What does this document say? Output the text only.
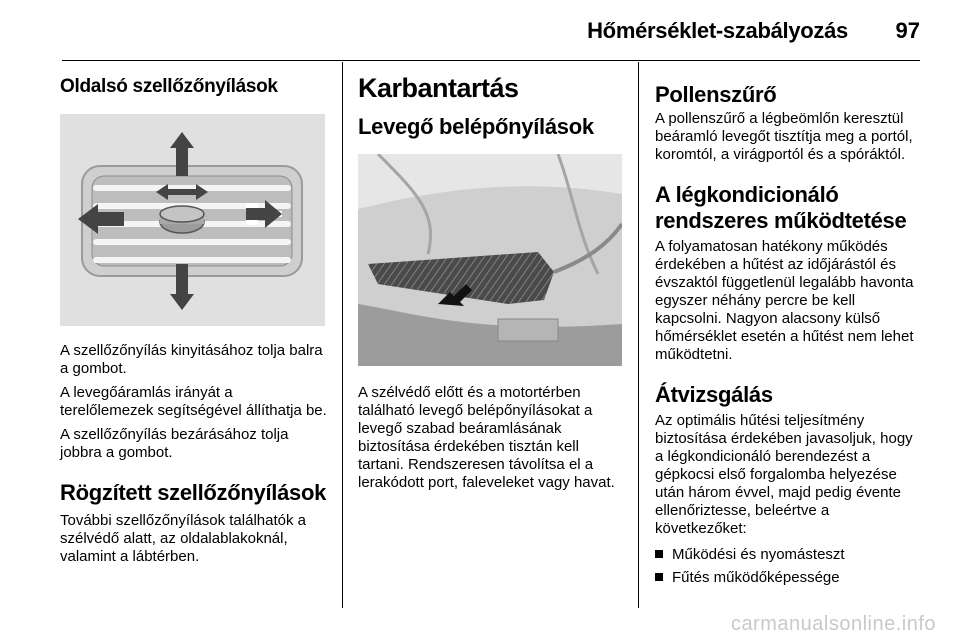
Hőmérséklet-szabályozás 97
Oldalsó szellőzőnyílások

A szellőzőnyílás kinyitásához tolja balra a gombot.

A levegőáramlás irányát a terelőlemezek segítségével állíthatja be.

A szellőzőnyílás bezárásához tolja jobbra a gombot.

Rögzített szellőzőnyílások

További szellőzőnyílások találhatók a szélvédő alatt, az oldalablakoknál, valamint a lábtérben.

Karbantartás
Levegő belépőnyílások

A szélvédő előtt és a motortérben található levegő belépőnyílásokat a levegő szabad beáramlásának biztosítása érdekében tisztán kell tartani. Rendszeresen távolítsa el a lerakódott port, faleveleket vagy havat.

Pollenszűrő

A pollenszűrő a légbeömlőn keresztül beáramló levegőt tisztítja meg a portól, koromtól, a virágportól és a spóráktól.

A légkondicionáló rendszeres működtetése

A folyamatosan hatékony működés érdekében a hűtést az időjárástól és évszaktól függetlenül legalább havonta egyszer néhány percre be kell kapcsolni. Nagyon alacsony külső hőmérséklet esetén a hűtést nem lehet működtetni.

Átvizsgálás

Az optimális hűtési teljesítmény biztosítása érdekében javasoljuk, hogy a légkondicionáló berendezést a gépkocsi első forgalomba helyezése után három évvel, majd pedig évente ellenőriztesse, beleértve a következőket:

Működési és nyomásteszt
Fűtés működőképessége
carmanualsonline.info
